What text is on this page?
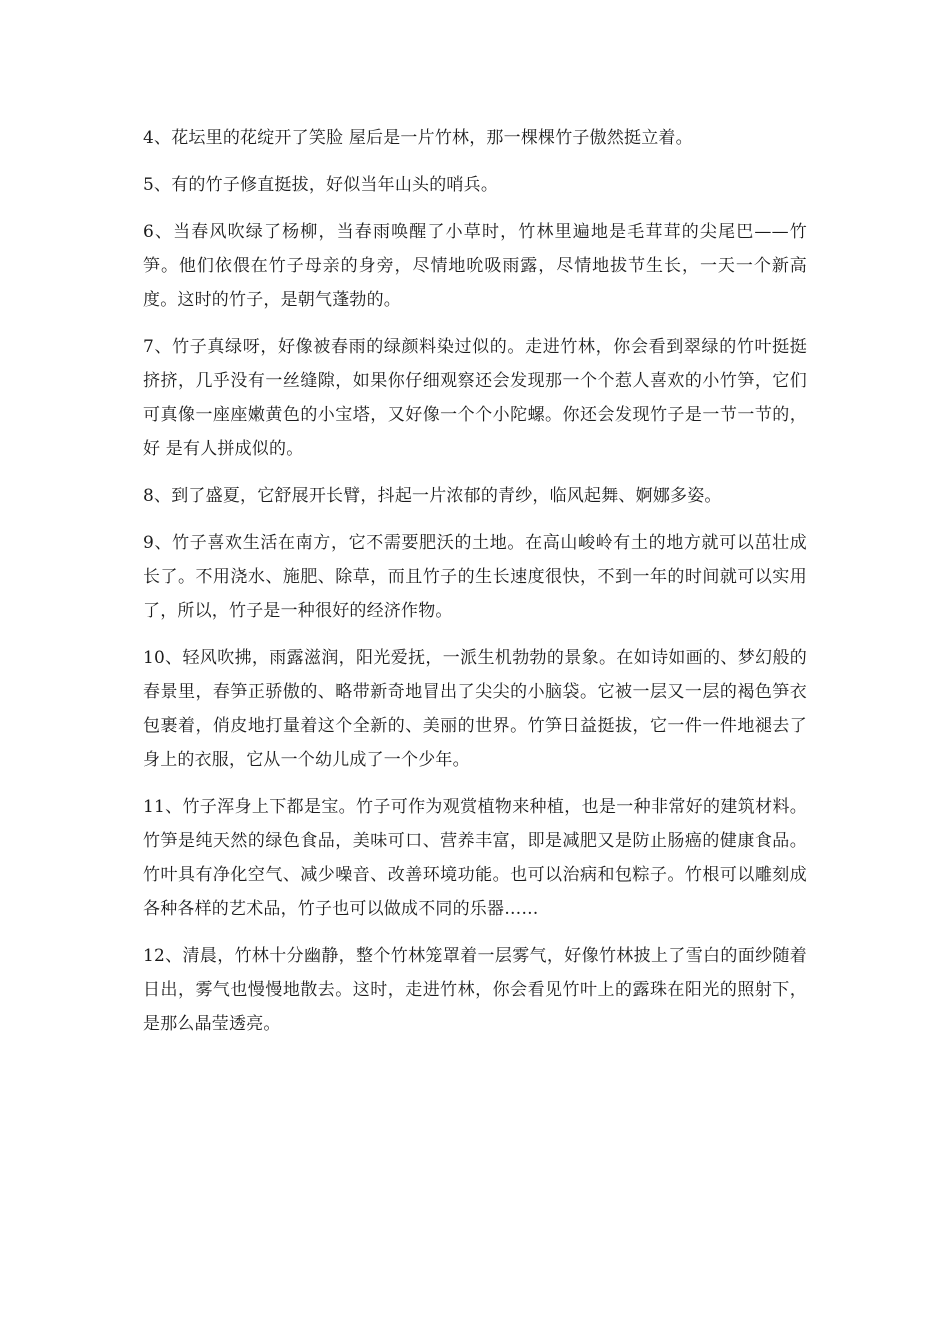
4、花坛里的花绽开了笑脸 屋后是一片竹林，那一棵棵竹子傲然挺立着。

5、有的竹子修直挺拔，好似当年山头的哨兵。

6、当春风吹绿了杨柳，当春雨唤醒了小草时，竹林里遍地是毛茸茸的尖尾巴——竹笋。他们依偎在竹子母亲的身旁，尽情地吮吸雨露，尽情地拔节生长，一天一个新高度。这时的竹子，是朝气蓬勃的。

7、竹子真绿呀，好像被春雨的绿颜料染过似的。走进竹林，你会看到翠绿的竹叶挺挺挤挤，几乎没有一丝缝隙，如果你仔细观察还会发现那一个个惹人喜欢的小竹笋，它们可真像一座座嫩黄色的小宝塔，又好像一个个小陀螺。你还会发现竹子是一节一节的，好 是有人拼成似的。

8、到了盛夏，它舒展开长臂，抖起一片浓郁的青纱，临风起舞、婀娜多姿。

9、竹子喜欢生活在南方，它不需要肥沃的土地。在高山峻岭有土的地方就可以茁壮成长了。不用浇水、施肥、除草，而且竹子的生长速度很快，不到一年的时间就可以实用了，所以，竹子是一种很好的经济作物。

10、轻风吹拂，雨露滋润，阳光爱抚，一派生机勃勃的景象。在如诗如画的、梦幻般的春景里，春笋正骄傲的、略带新奇地冒出了尖尖的小脑袋。它被一层又一层的褐色笋衣包裹着，俏皮地打量着这个全新的、美丽的世界。竹笋日益挺拔，它一件一件地褪去了身上的衣服，它从一个幼儿成了一个少年。

11、竹子浑身上下都是宝。竹子可作为观赏植物来种植，也是一种非常好的建筑材料。竹笋是纯天然的绿色食品，美味可口、营养丰富，即是减肥又是防止肠癌的健康食品。竹叶具有净化空气、减少噪音、改善环境功能。也可以治病和包粽子。竹根可以雕刻成各种各样的艺术品，竹子也可以做成不同的乐器……

12、清晨，竹林十分幽静，整个竹林笼罩着一层雾气，好像竹林披上了雪白的面纱随着日出，雾气也慢慢地散去。这时，走进竹林，你会看见竹叶上的露珠在阳光的照射下，是那么晶莹透亮。
